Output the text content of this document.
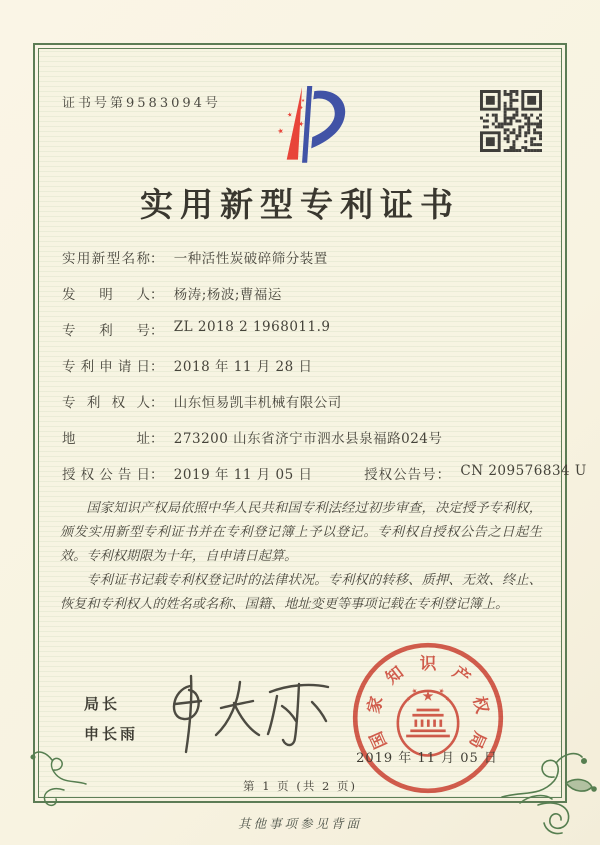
证书号第9583094号
实用新型专利证书
实用新型名称： 一种活性炭破碎筛分装置
发明人： 杨涛;杨波;曹福运
专利号： ZL 2018 2 1968011.9
专利申请日： 2018 年 11 月 28 日
专利权人： 山东恒易凯丰机械有限公司
地址： 273200 山东省济宁市泗水县泉福路024号
授权公告日： 2019 年 11 月 05 日	授权公告号： CN 209576834 U

国家知识产权局依照中华人民共和国专利法经过初步审查，决定授予专利权，颁发实用新型专利证书并在专利登记簿上予以登记。专利权自授权公告之日起生效。专利权期限为十年，自申请日起算。

专利证书记载专利权登记时的法律状况。专利权的转移、质押、无效、终止、恢复和专利权人的姓名或名称、国籍、地址变更等事项记载在专利登记簿上。

局长
申长雨	国
家
知 识 产
权
局
2019 年 11 月 05 日
第 1 页 (共 2 页)
其他事项参见背面
